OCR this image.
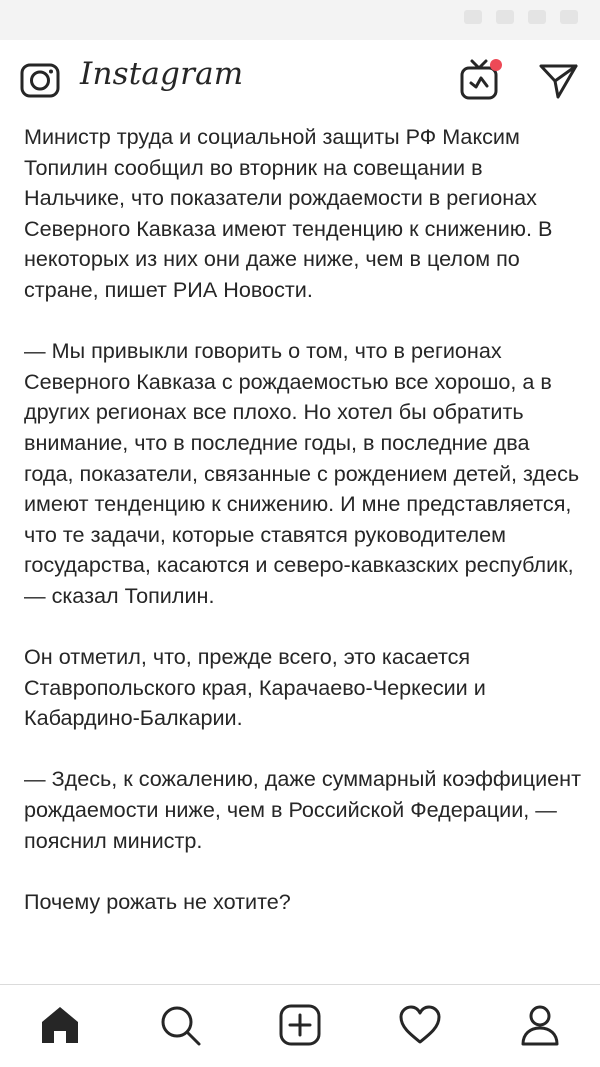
Instagram

Министр труда и социальной защиты РФ Максим Топилин сообщил во вторник на совещании в Нальчике, что показатели рождаемости в регионах Северного Кавказа имеют тенденцию к снижению. В некоторых из них они даже ниже, чем в целом по стране, пишет РИА Новости.

— Мы привыкли говорить о том, что в регионах Северного Кавказа с рождаемостью все хорошо, а в других регионах все плохо. Но хотел бы обратить внимание, что в последние годы, в последние два года, показатели, связанные с рождением детей, здесь имеют тенденцию к снижению. И мне представляется, что те задачи, которые ставятся руководителем государства, касаются и северо-кавказских республик, — сказал Топилин.

Он отметил, что, прежде всего, это касается Ставропольского края, Карачаево-Черкесии и Кабардино-Балкарии.

— Здесь, к сожалению, даже суммарный коэффициент рождаемости ниже, чем в Российской Федерации, — пояснил министр.

Почему рожать не хотите?
